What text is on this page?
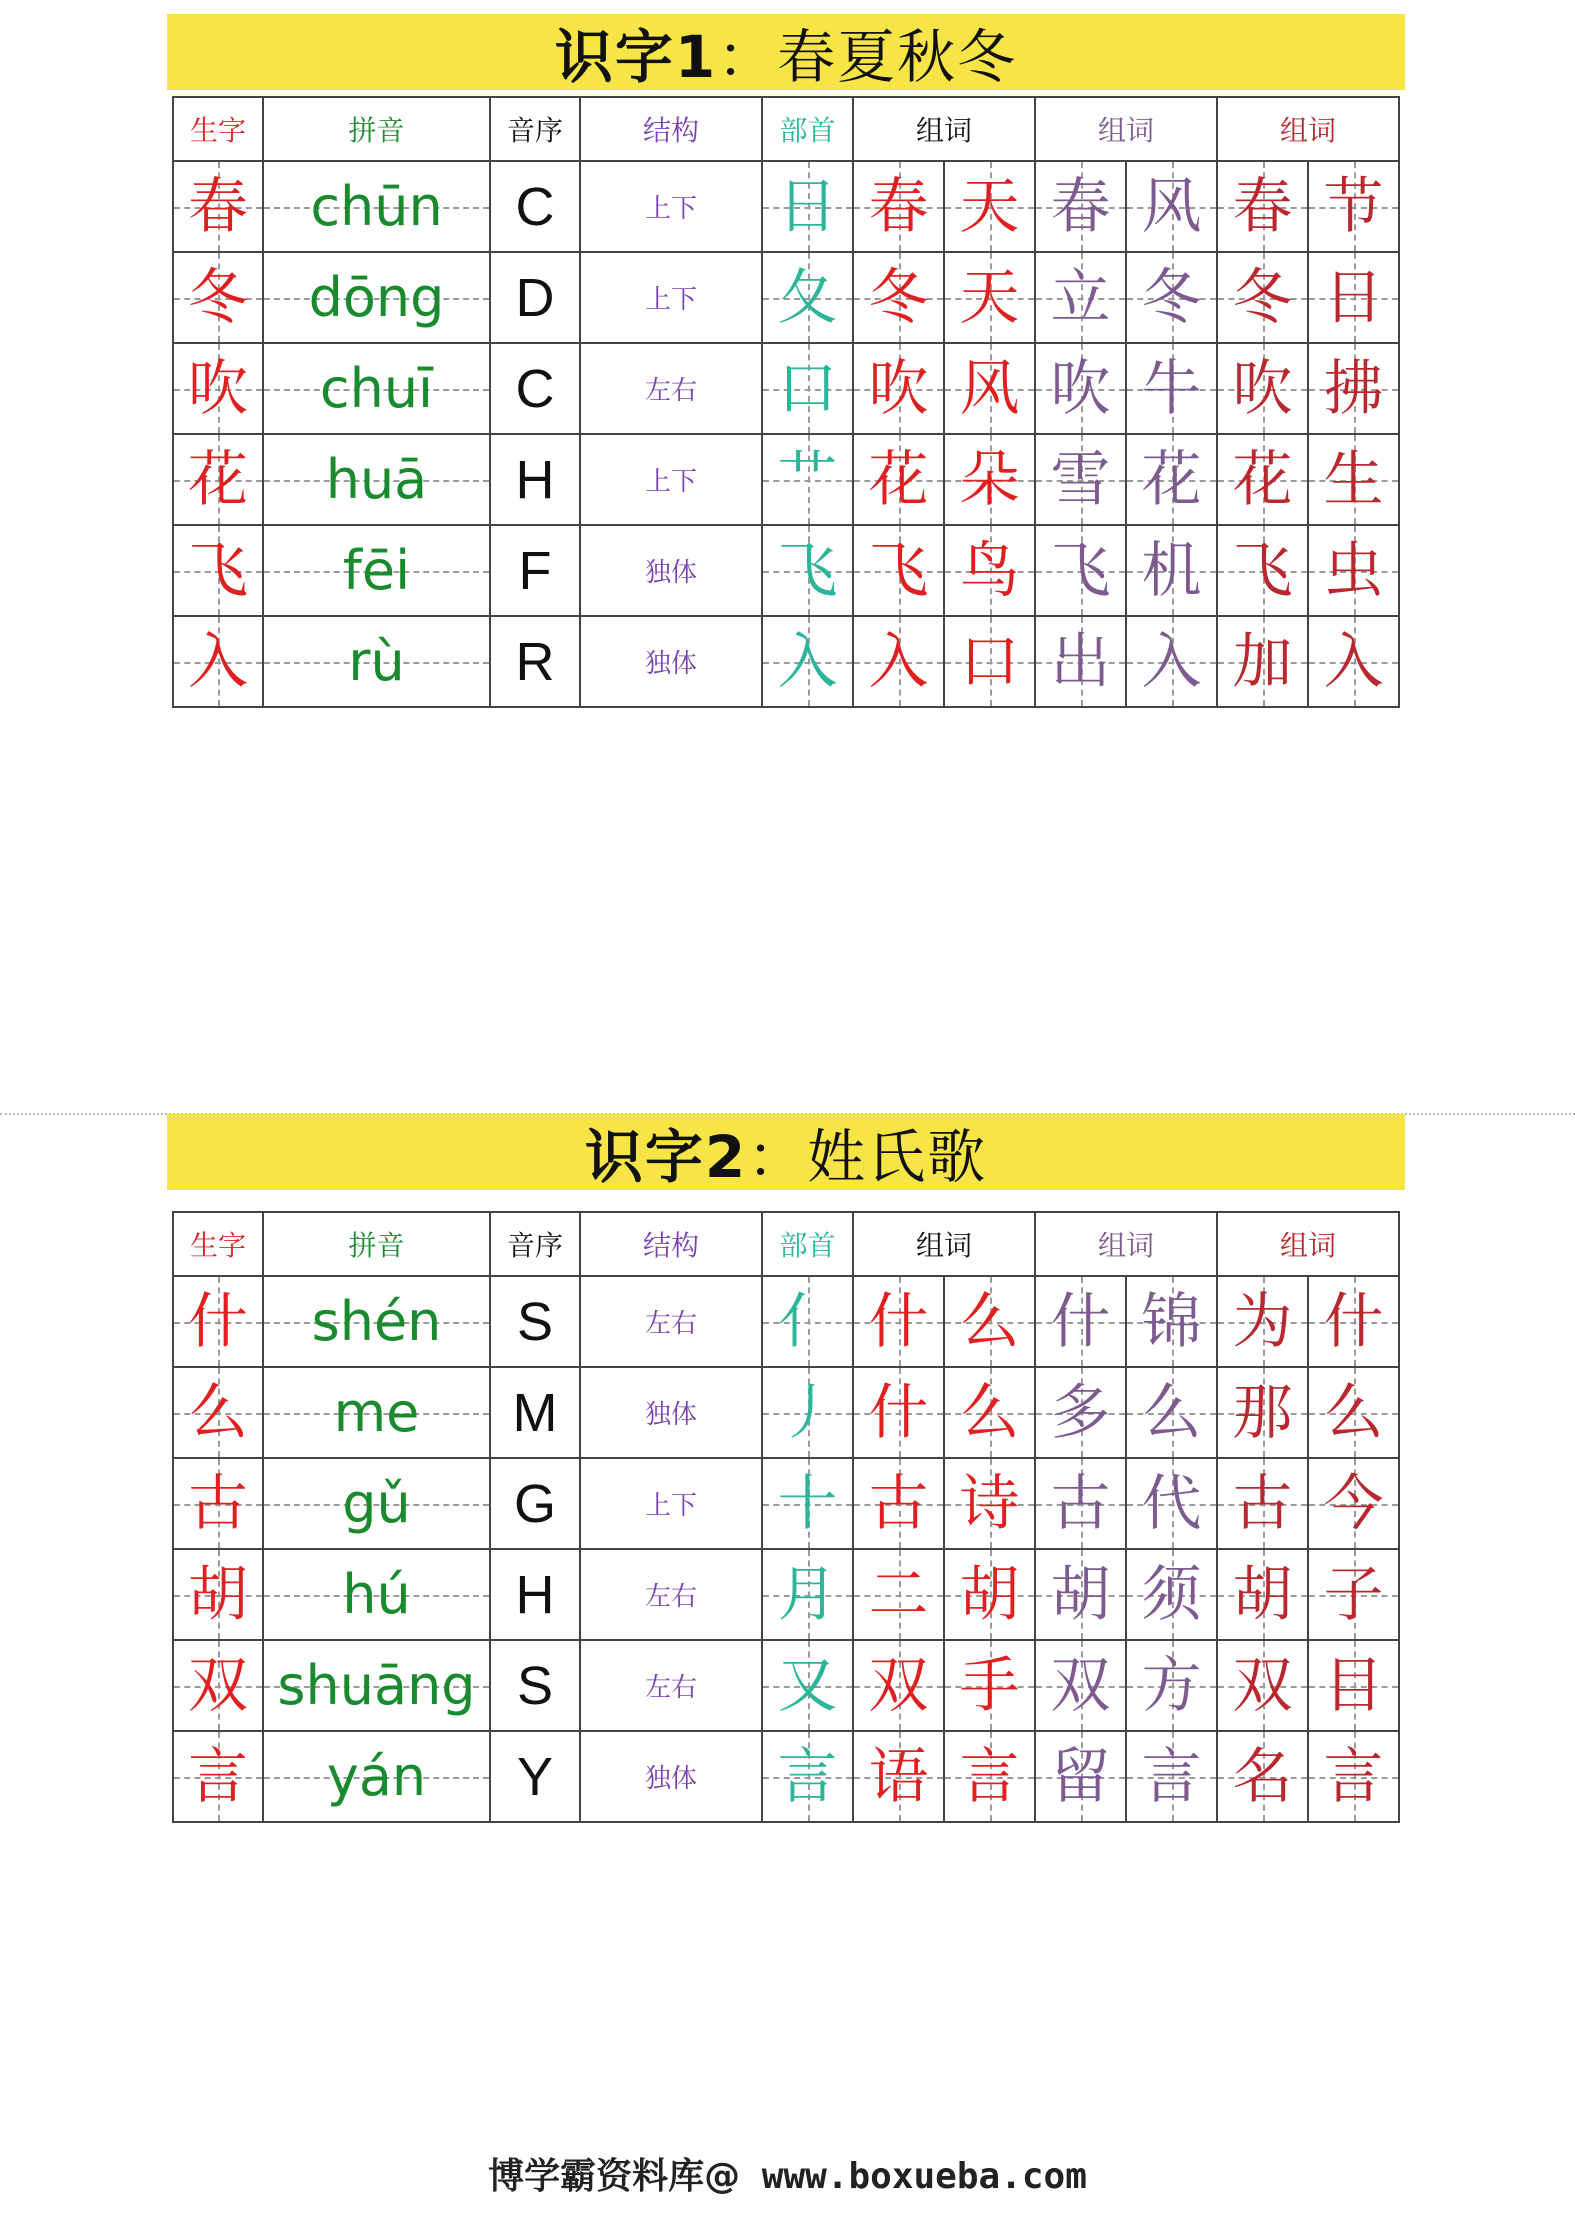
识字1：春夏秋冬
生字	拼音	音序	结构	部首	组词		组词		组词	
春	chūn	C	上下	日	春	天	春	风	春	节
冬	dōng	D	上下	夂	冬	天	立	冬	冬	日
吹	chuī	C	左右	口	吹	风	吹	牛	吹	拂
花	huā	H	上下	艹	花	朵	雪	花	花	生
飞	fēi	F	独体	飞	飞	鸟	飞	机	飞	虫
入	rù	R	独体	入	入	口	出	入	加	入
识字2：姓氏歌
生字	拼音	音序	结构	部首	组词		组词		组词	
什	shén	S	左右	亻	什	么	什	锦	为	什
么	me	M	独体	丿	什	么	多	么	那	么
古	gǔ	G	上下	十	古	诗	古	代	古	今
胡	hú	H	左右	月	二	胡	胡	须	胡	子
双	shuāng	S	左右	又	双	手	双	方	双	目
言	yán	Y	独体	言	语	言	留	言	名	言
博学霸资料库@ www.boxueba.com
